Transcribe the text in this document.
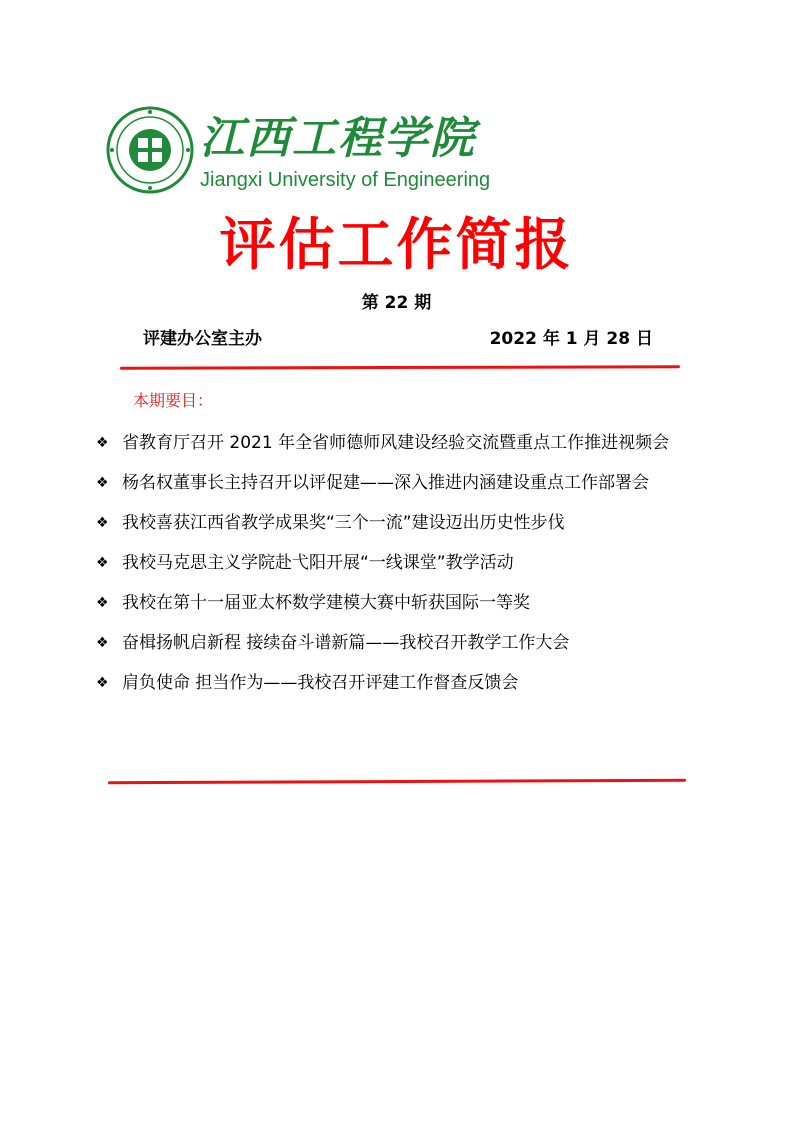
江西工程学院
Jiangxi University of Engineering
评估工作简报
第 22 期
评建办公室主办	2022 年 1 月 28 日
本期要目：
❖ 省教育厅召开 2021 年全省师德师风建设经验交流暨重点工作推进视频会
❖ 杨名权董事长主持召开以评促建——深入推进内涵建设重点工作部署会
❖ 我校喜获江西省教学成果奖“三个一流”建设迈出历史性步伐
❖ 我校马克思主义学院赴弋阳开展“一线课堂”教学活动
❖ 我校在第十一届亚太杯数学建模大赛中斩获国际一等奖
❖ 奋楫扬帆启新程 接续奋斗谱新篇——我校召开教学工作大会
❖ 肩负使命 担当作为——我校召开评建工作督查反馈会
